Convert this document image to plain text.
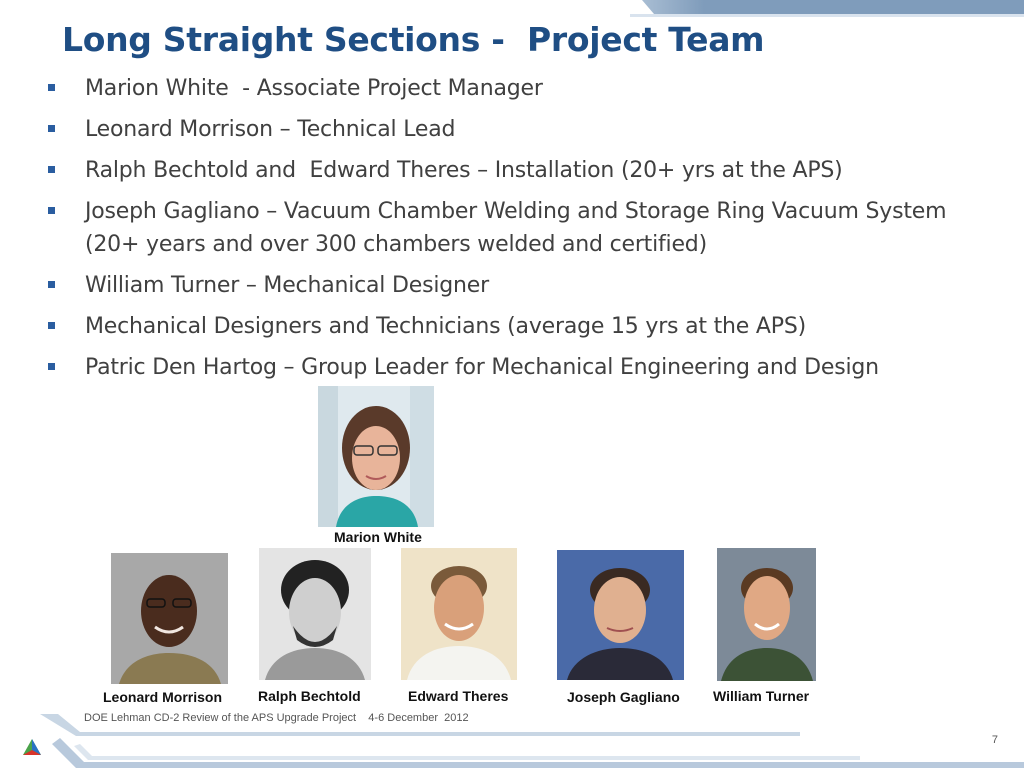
Long Straight Sections -  Project Team
Marion White  - Associate Project Manager
Leonard Morrison – Technical Lead
Ralph Bechtold and  Edward Theres – Installation (20+ yrs at the APS)
Joseph Gagliano – Vacuum Chamber Welding and Storage Ring Vacuum System (20+ years and over 300 chambers welded and certified)
William Turner – Mechanical Designer
Mechanical Designers and Technicians (average 15 yrs at the APS)
Patric Den Hartog – Group Leader for Mechanical Engineering and Design
Marion White
Leonard Morrison	Ralph Bechtold	Edward Theres	Joseph Gagliano William Turner
DOE Lehman CD-2 Review of the APS Upgrade Project    4-6 December  2012
7
